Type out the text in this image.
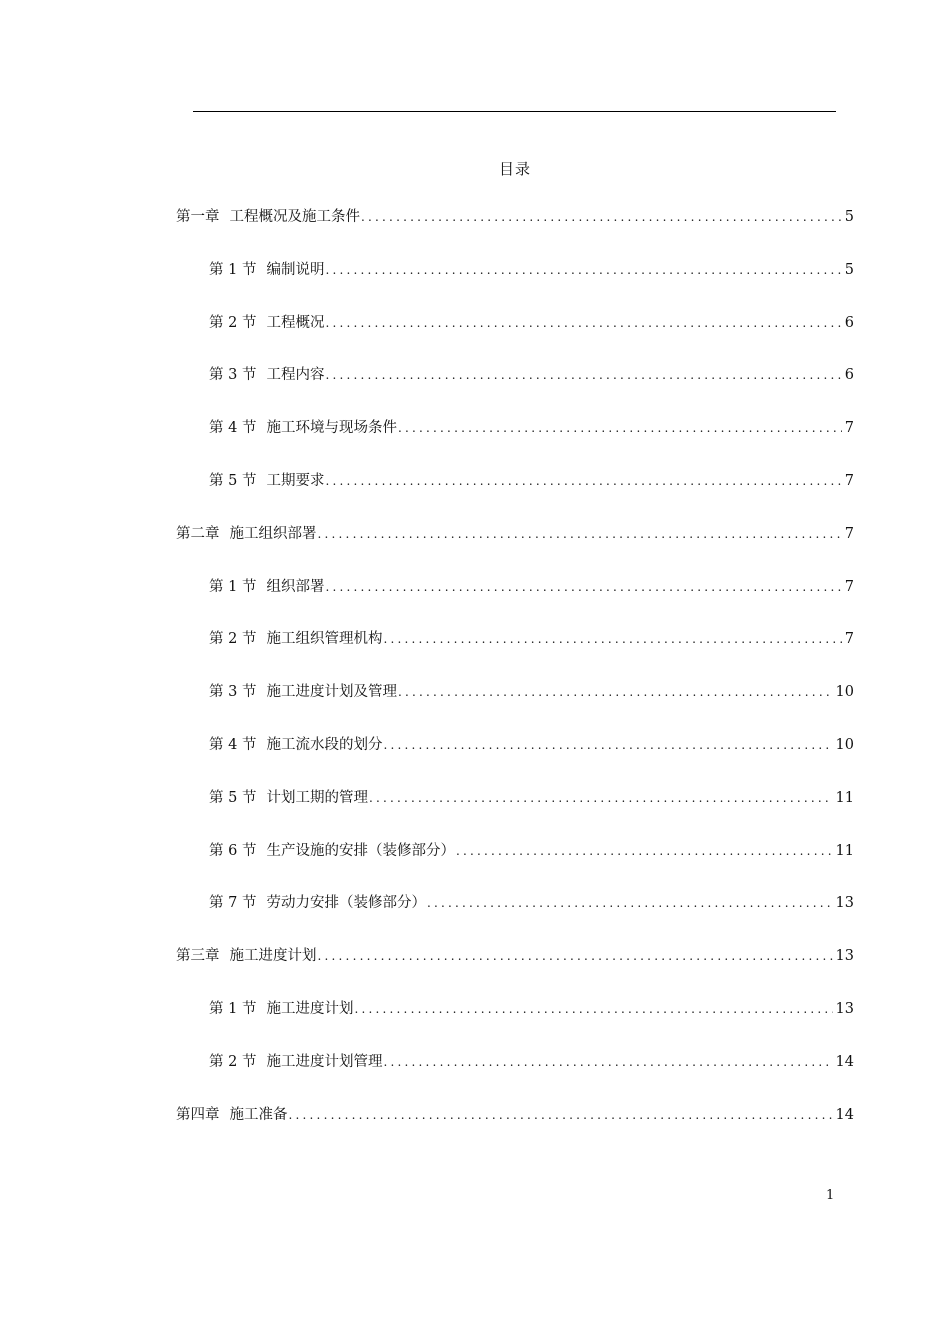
目录
第一章 工程概况及施工条件 .....	5
第 1 节 编制说明 .....	5
第 2 节 工程概况 .....	6
第 3 节 工程内容 .....	6
第 4 节 施工环境与现场条件 .....	7
第 5 节 工期要求 .....	7
第二章 施工组织部署 .....	7
第 1 节 组织部署 .....	7
第 2 节 施工组织管理机构 .....	7
第 3 节 施工进度计划及管理 .....	10
第 4 节 施工流水段的划分 .....	10
第 5 节 计划工期的管理 .....	11
第 6 节 生产设施的安排（装修部分） .....	11
第 7 节 劳动力安排（装修部分） .....	13
第三章 施工进度计划 .....	13
第 1 节 施工进度计划 .....	13
第 2 节 施工进度计划管理 .....	14
第四章 施工准备 .....	14
1
